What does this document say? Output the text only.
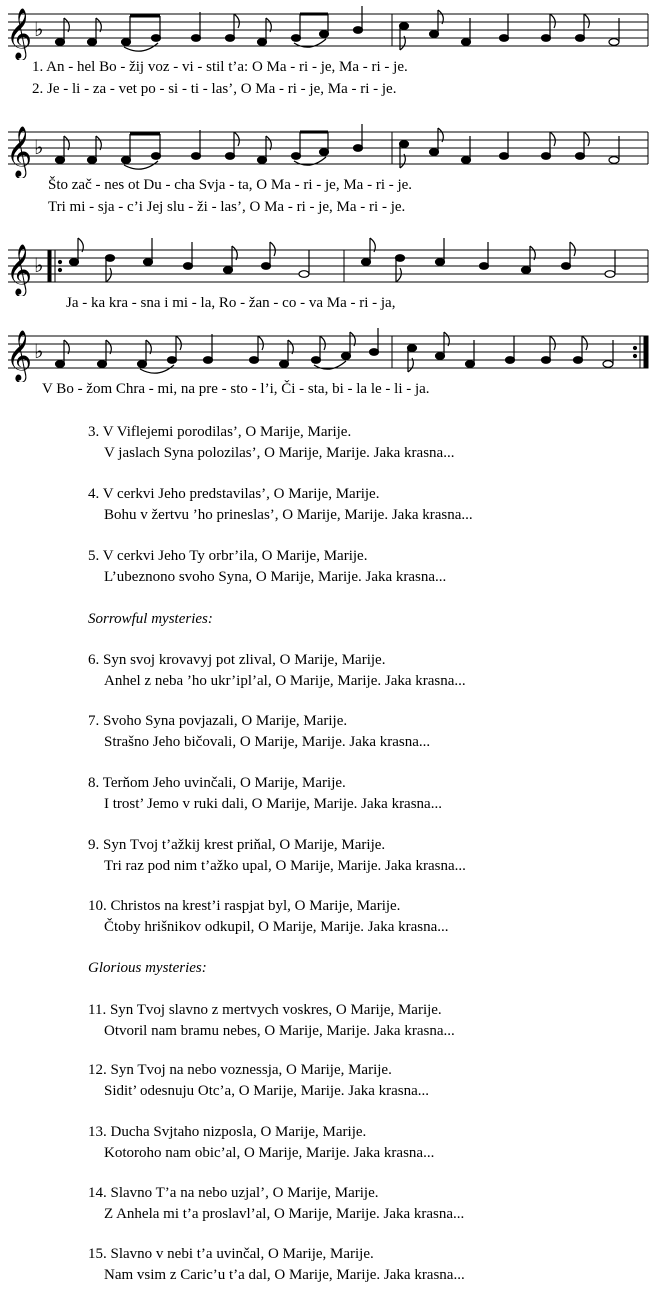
𝄞 ♭
1. An - hel Bo - žij voz - vi - stil t’a: O Ma - ri - je, Ma - ri - je.
2. Je - li - za - vet po - si - ti - las’, O Ma - ri - je, Ma - ri - je.
𝄞 ♭
Što zač - nes ot Du - cha Svja - ta, O Ma - ri - je, Ma - ri - je.
Tri mi - sja - c’i Jej slu - ži - las’, O Ma - ri - je, Ma - ri - je.
𝄞 ♭
Ja - ka kra - sna i mi - la, Ro - žan - co - va Ma - ri - ja,
𝄞 ♭
V Bo - žom Chra - mi, na pre - sto - l’i, Či - sta, bi - la le - li - ja.
3. V Viflejemi porodilas’, O Marije, Marije.
V jaslach Syna polozilas’, O Marije, Marije. Jaka krasna...
4. V cerkvi Jeho predstavilas’, O Marije, Marije.
Bohu v žertvu ’ho prineslas’, O Marije, Marije. Jaka krasna...
5. V cerkvi Jeho Ty orbr’ila, O Marije, Marije.
L’ubeznono svoho Syna, O Marije, Marije. Jaka krasna...
Sorrowful mysteries:
6. Syn svoj krovavyj pot zlival, O Marije, Marije.
Anhel z neba ’ho ukr’ipl’al, O Marije, Marije. Jaka krasna...
7. Svoho Syna povjazali, O Marije, Marije.
Strašno Jeho bičovali, O Marije, Marije. Jaka krasna...
8. Terňom Jeho uvinčali, O Marije, Marije.
I trost’ Jemo v ruki dali, O Marije, Marije. Jaka krasna...
9. Syn Tvoj t’ažkij krest priňal, O Marije, Marije.
Tri raz pod nim t’ažko upal, O Marije, Marije. Jaka krasna...
10. Christos na krest’i raspjat byl, O Marije, Marije.
Čtoby hrišnikov odkupil, O Marije, Marije. Jaka krasna...
Glorious mysteries:
11. Syn Tvoj slavno z mertvych voskres, O Marije, Marije.
Otvoril nam bramu nebes, O Marije, Marije. Jaka krasna...
12. Syn Tvoj na nebo voznessja, O Marije, Marije.
Sidit’ odesnuju Otc’a, O Marije, Marije. Jaka krasna...
13. Ducha Svjtaho nizposla, O Marije, Marije.
Kotoroho nam obic’al, O Marije, Marije. Jaka krasna...
14. Slavno T’a na nebo uzjal’, O Marije, Marije.
Z Anhela mi t’a proslavl’al, O Marije, Marije. Jaka krasna...
15. Slavno v nebi t’a uvinčal, O Marije, Marije.
Nam vsim z Caric’u t’a dal, O Marije, Marije. Jaka krasna...
